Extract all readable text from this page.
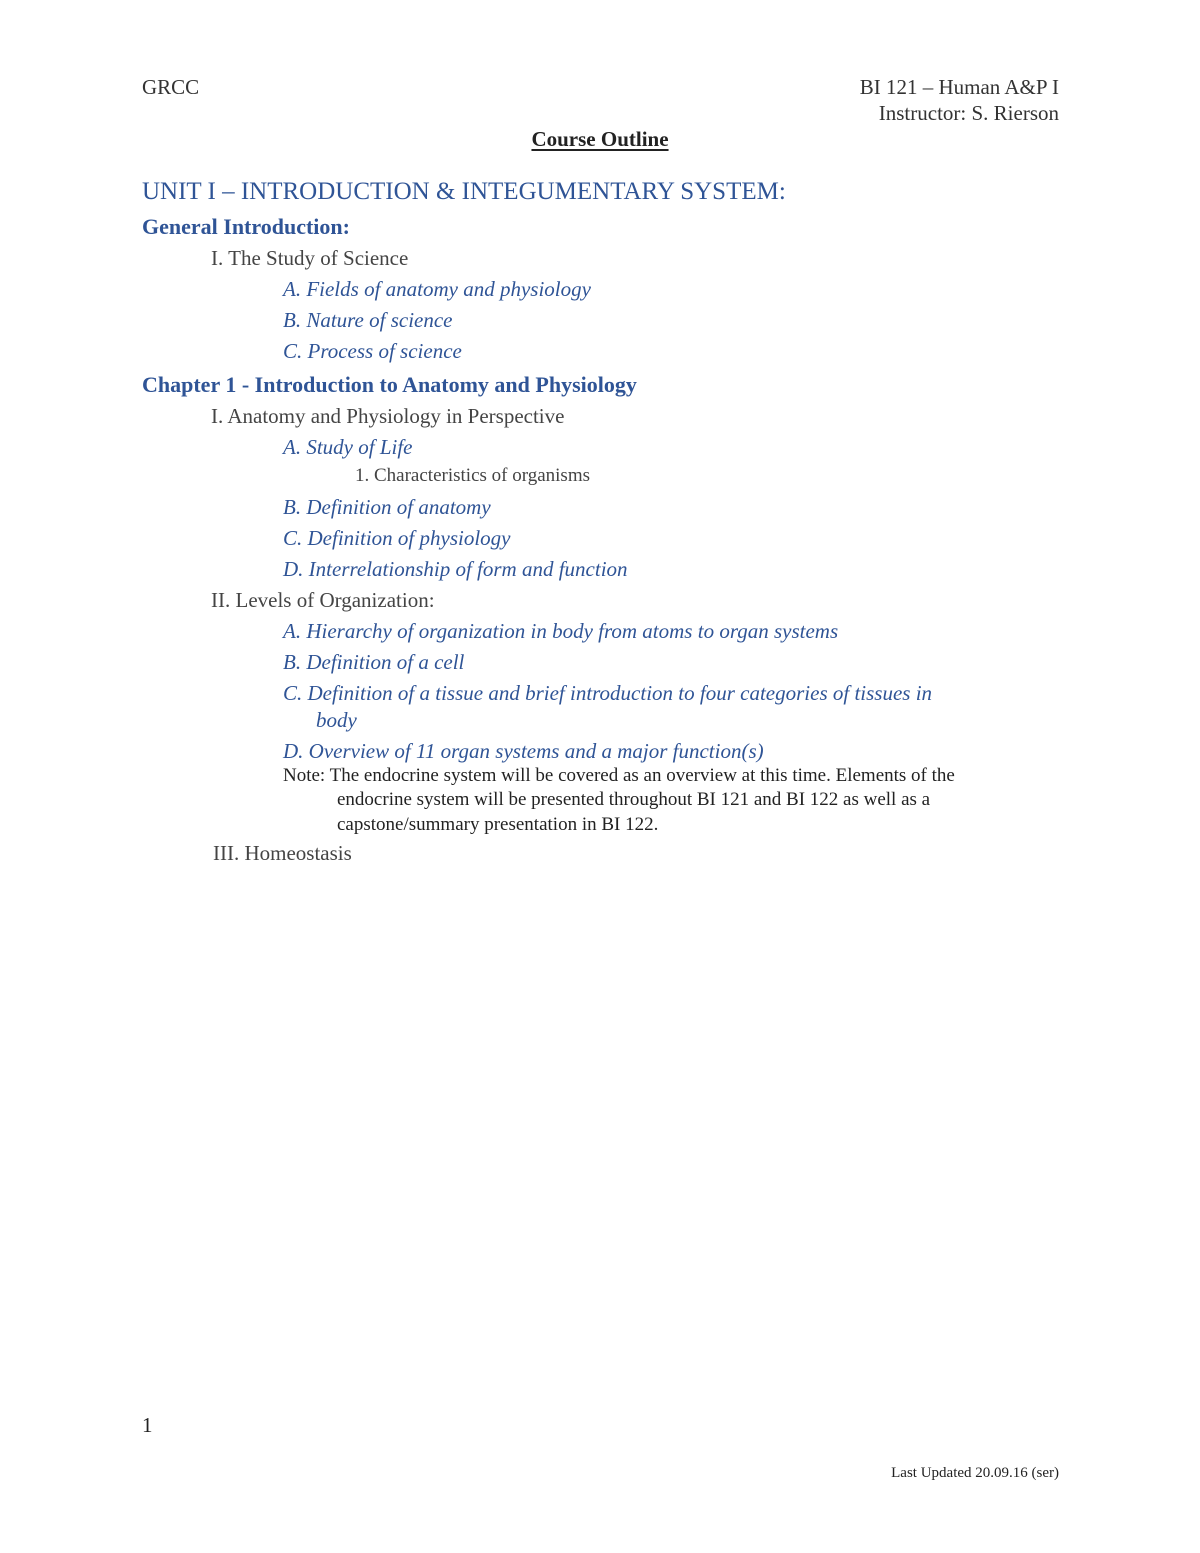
GRCC	BI 121 – Human A&P I
Instructor: S. Rierson
Course Outline
UNIT I – INTRODUCTION & INTEGUMENTARY SYSTEM:
General Introduction:
I. The Study of Science
A. Fields of anatomy and physiology
B. Nature of science
C. Process of science
Chapter 1 - Introduction to Anatomy and Physiology
I. Anatomy and Physiology in Perspective
A. Study of Life
1. Characteristics of organisms
B. Definition of anatomy
C. Definition of physiology
D. Interrelationship of form and function
II. Levels of Organization:
A. Hierarchy of organization in body from atoms to organ systems
B. Definition of a cell
C. Definition of a tissue and brief introduction to four categories of tissues in
body
D. Overview of 11 organ systems and a major function(s)
Note: The endocrine system will be covered as an overview at this time. Elements of the
endocrine system will be presented throughout BI 121 and BI 122 as well as a
capstone/summary presentation in BI 122.
III. Homeostasis
1
Last Updated 20.09.16 (ser)
